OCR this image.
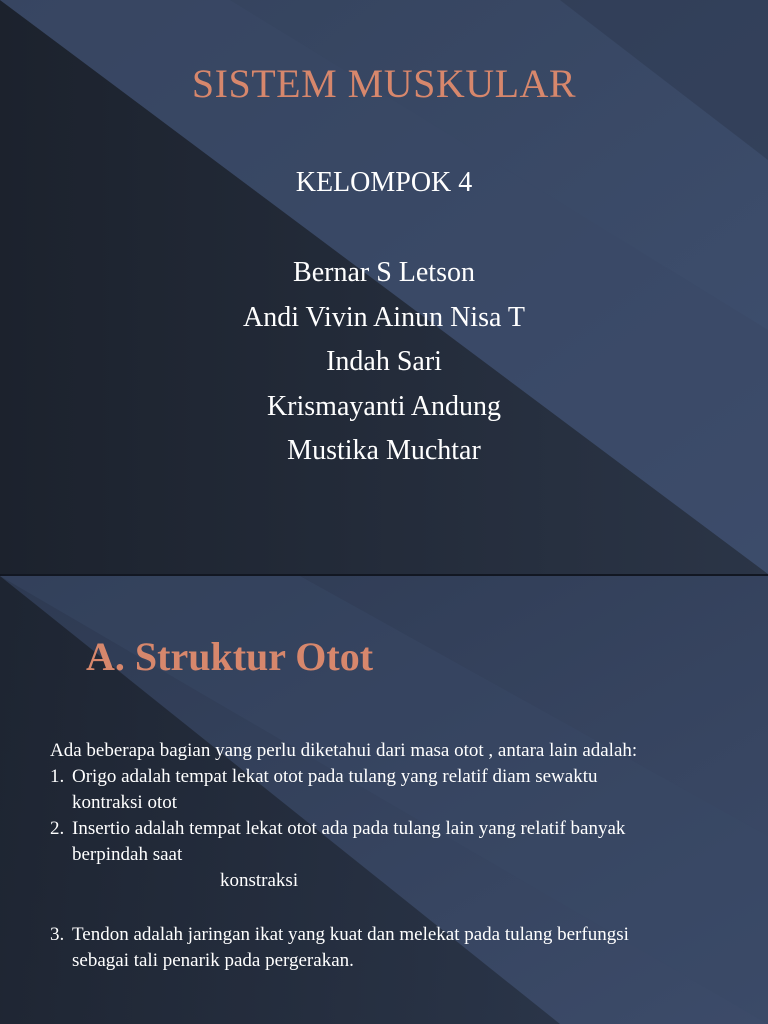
SISTEM MUSKULAR
KELOMPOK 4
Bernar S Letson
Andi Vivin Ainun Nisa T
Indah Sari
Krismayanti Andung
Mustika Muchtar
A. Struktur Otot

Ada beberapa bagian yang perlu diketahui dari masa otot , antara lain adalah:

1. Origo adalah tempat lekat otot pada tulang yang relatif diam sewaktu

kontraksi otot

2. Insertio adalah tempat lekat otot ada pada tulang lain yang relatif banyak

berpindah saat

konstraksi

3. Tendon adalah jaringan ikat yang kuat dan melekat pada tulang berfungsi

sebagai tali penarik pada pergerakan.
